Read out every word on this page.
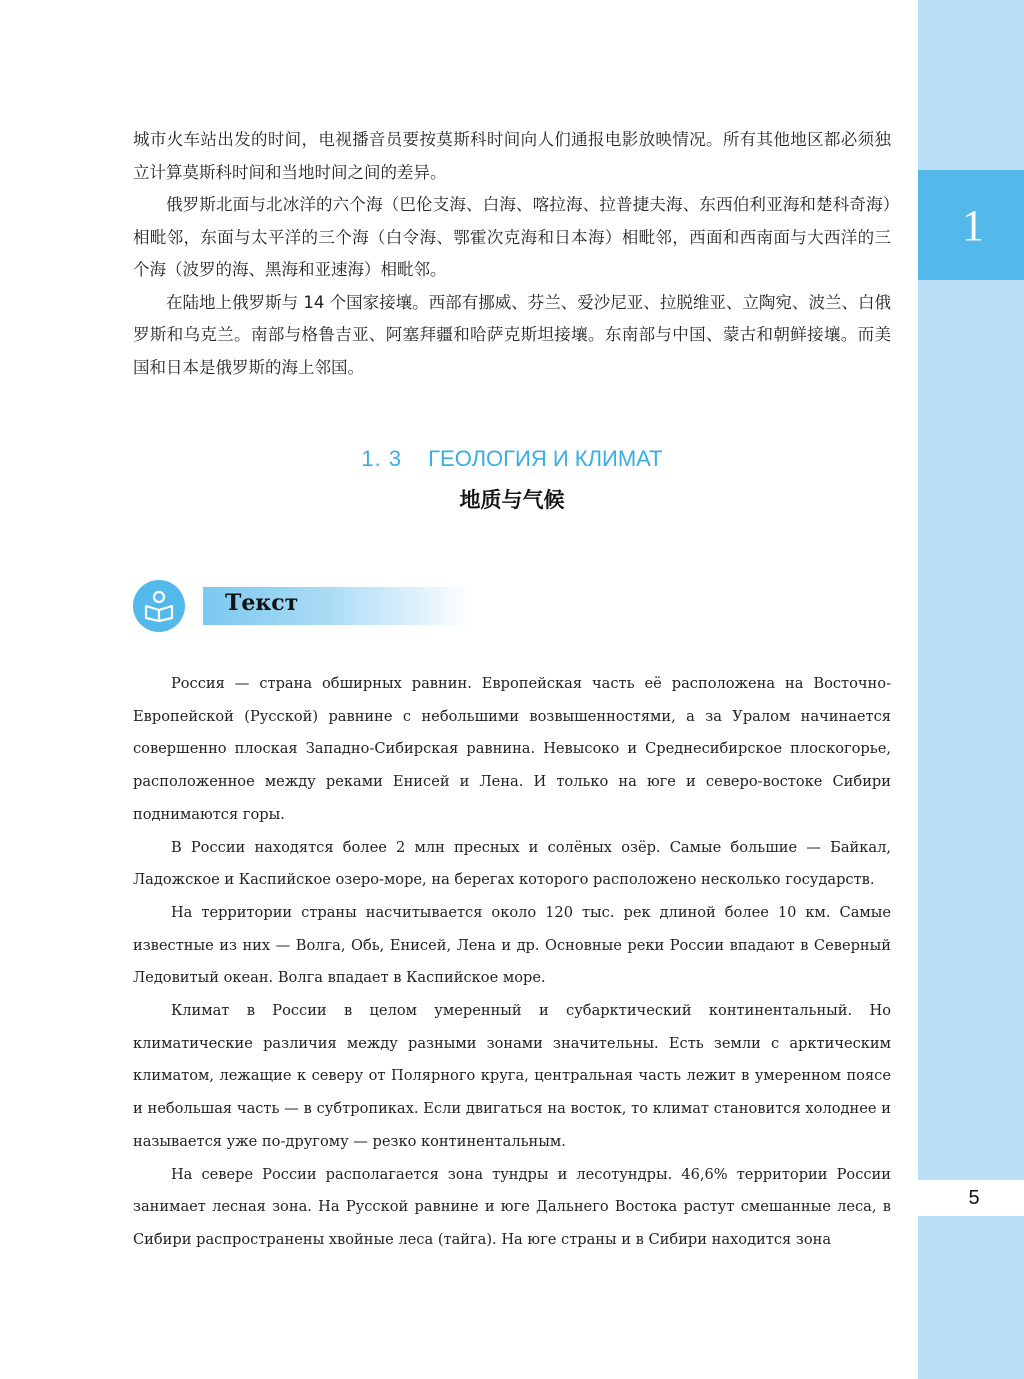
1
5

城市火车站出发的时间，电视播音员要按莫斯科时间向人们通报电影放映情况。所有其他地区都必须独立计算莫斯科时间和当地时间之间的差异。

俄罗斯北面与北冰洋的六个海（巴伦支海、白海、喀拉海、拉普捷夫海、东西伯利亚海和楚科奇海）相毗邻，东面与太平洋的三个海（白令海、鄂霍次克海和日本海）相毗邻，西面和西南面与大西洋的三个海（波罗的海、黑海和亚速海）相毗邻。

在陆地上俄罗斯与 14 个国家接壤。西部有挪威、芬兰、爱沙尼亚、拉脱维亚、立陶宛、波兰、白俄罗斯和乌克兰。南部与格鲁吉亚、阿塞拜疆和哈萨克斯坦接壤。东南部与中国、蒙古和朝鲜接壤。而美国和日本是俄罗斯的海上邻国。

1. 3 ГЕОЛОГИЯ И КЛИМАТ
地质与气候
Текст

Россия — страна обширных равнин. Европейская часть её расположена на Восточно-Европейской (Русской) равнине с небольшими возвышенностями, а за Уралом начинается совершенно плоская Западно-Сибирская равнина. Невысоко и Среднесибирское плоскогорье, расположенное между реками Енисей и Лена. И только на юге и северо-востоке Сибири поднимаются горы.

В России находятся более 2 млн пресных и солёных озёр. Самые большие — Байкал, Ладожское и Каспийское озеро-море, на берегах которого расположено несколько государств.

На территории страны насчитывается около 120 тыс. рек длиной более 10 км. Самые известные из них — Волга, Обь, Енисей, Лена и др. Основные реки России впадают в Северный Ледовитый океан. Волга впадает в Каспийское море.

Климат в России в целом умеренный и субарктический континентальный. Но климатические различия между разными зонами значительны. Есть земли с арктическим климатом, лежащие к северу от Полярного круга, центральная часть лежит в умеренном поясе и небольшая часть — в субтропиках. Если двигаться на восток, то климат становится холоднее и называется уже по-другому — резко континентальным.

На севере России располагается зона тундры и лесотундры. 46,6% территории России занимает лесная зона. На Русской равнине и юге Дальнего Востока растут смешанные леса, в Сибири распространены хвойные леса (тайга). На юге страны и в Сибири находится зона
